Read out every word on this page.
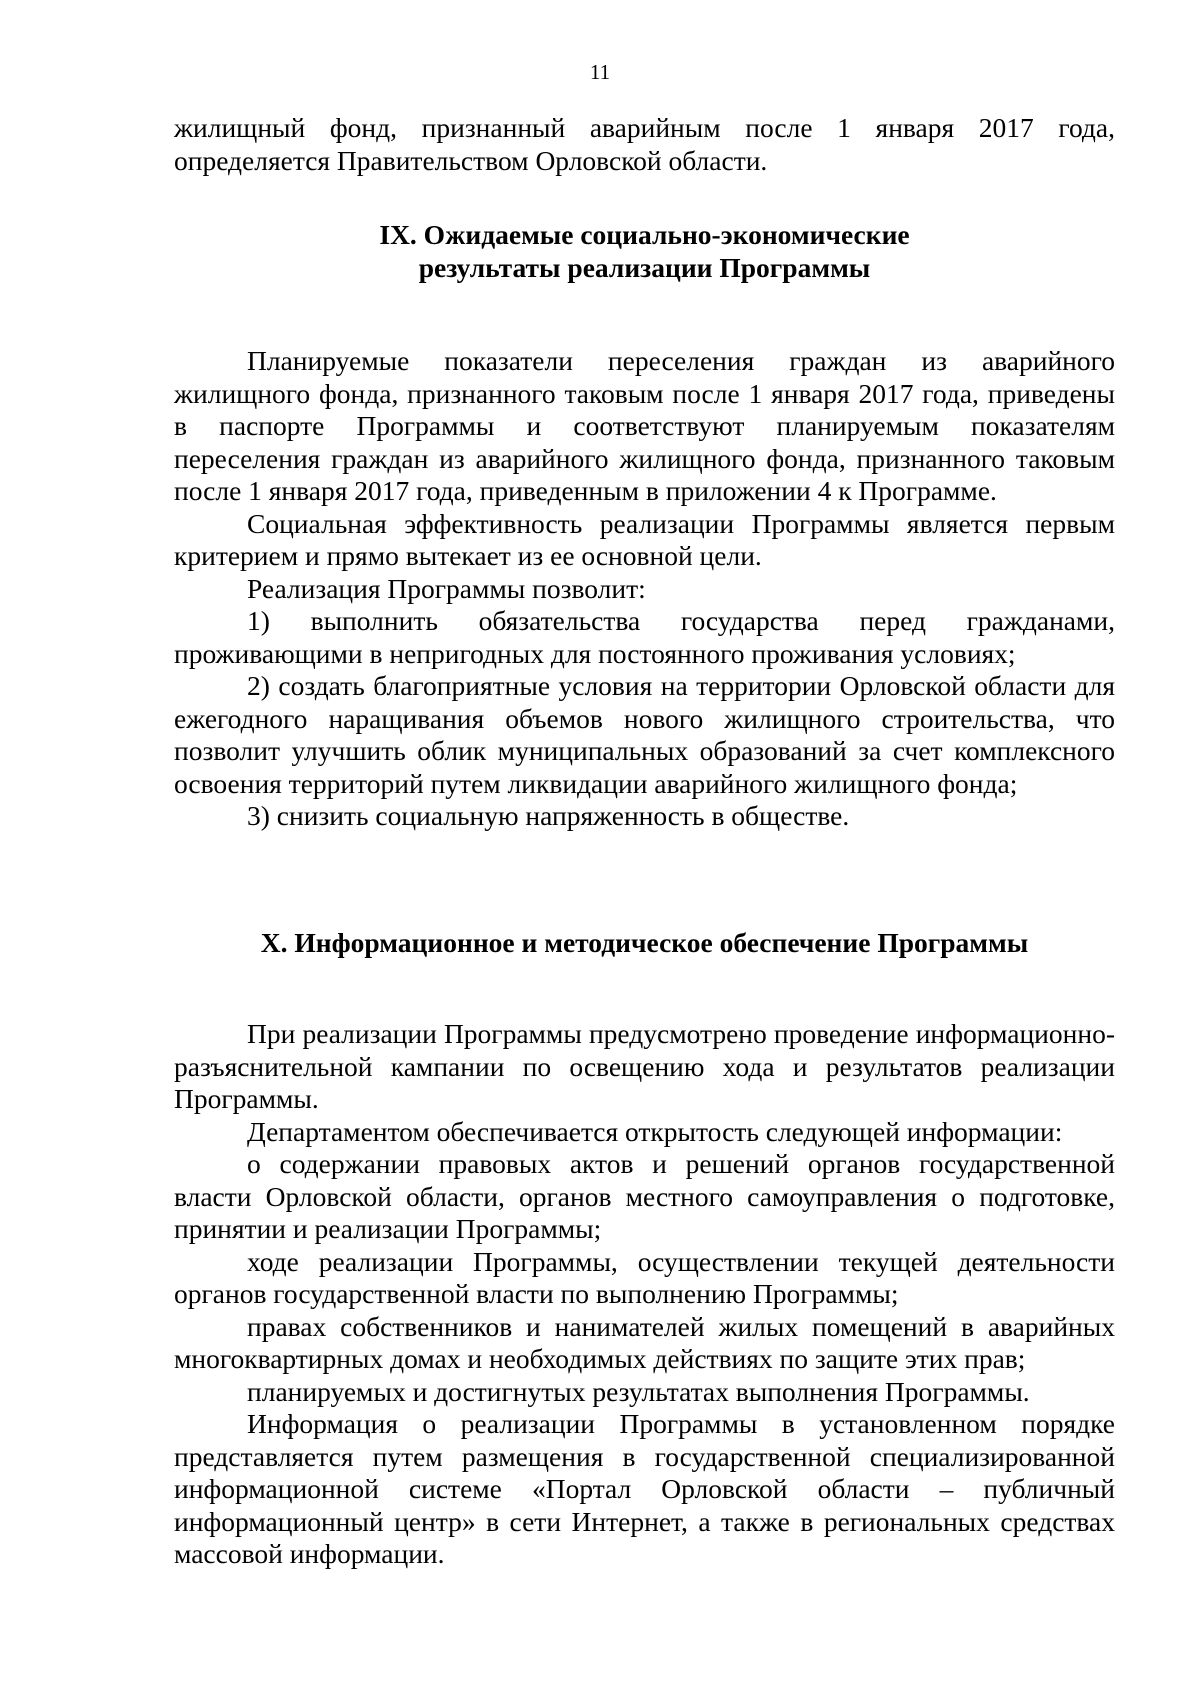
11

жилищный фонд, признанный аварийным после 1 января 2017 года, определяется Правительством Орловской области.

IX. Ожидаемые социально-экономические
результаты реализации Программы

Планируемые показатели переселения граждан из аварийного жилищного фонда, признанного таковым после 1 января 2017 года, приведены в паспорте Программы и соответствуют планируемым показателям переселения граждан из аварийного жилищного фонда, признанного таковым после 1 января 2017 года, приведенным в приложении 4 к Программе.

Социальная эффективность реализации Программы является первым критерием и прямо вытекает из ее основной цели.

Реализация Программы позволит:

1) выполнить обязательства государства перед гражданами, проживающими в непригодных для постоянного проживания условиях;

2) создать благоприятные условия на территории Орловской области для ежегодного наращивания объемов нового жилищного строительства, что позволит улучшить облик муниципальных образований за счет комплексного освоения территорий путем ликвидации аварийного жилищного фонда;

3) снизить социальную напряженность в обществе.

X. Информационное и методическое обеспечение Программы

При реализации Программы предусмотрено проведение информационно-разъяснительной кампании по освещению хода и результатов реализации Программы.

Департаментом обеспечивается открытость следующей информации:

о содержании правовых актов и решений органов государственной власти Орловской области, органов местного самоуправления о подготовке, принятии и реализации Программы;

ходе реализации Программы, осуществлении текущей деятельности органов государственной власти по выполнению Программы;

правах собственников и нанимателей жилых помещений в аварийных многоквартирных домах и необходимых действиях по защите этих прав;

планируемых и достигнутых результатах выполнения Программы.

Информация о реализации Программы в установленном порядке представляется путем размещения в государственной специализированной информационной системе «Портал Орловской области – публичный информационный центр» в сети Интернет, а также в региональных средствах массовой информации.
